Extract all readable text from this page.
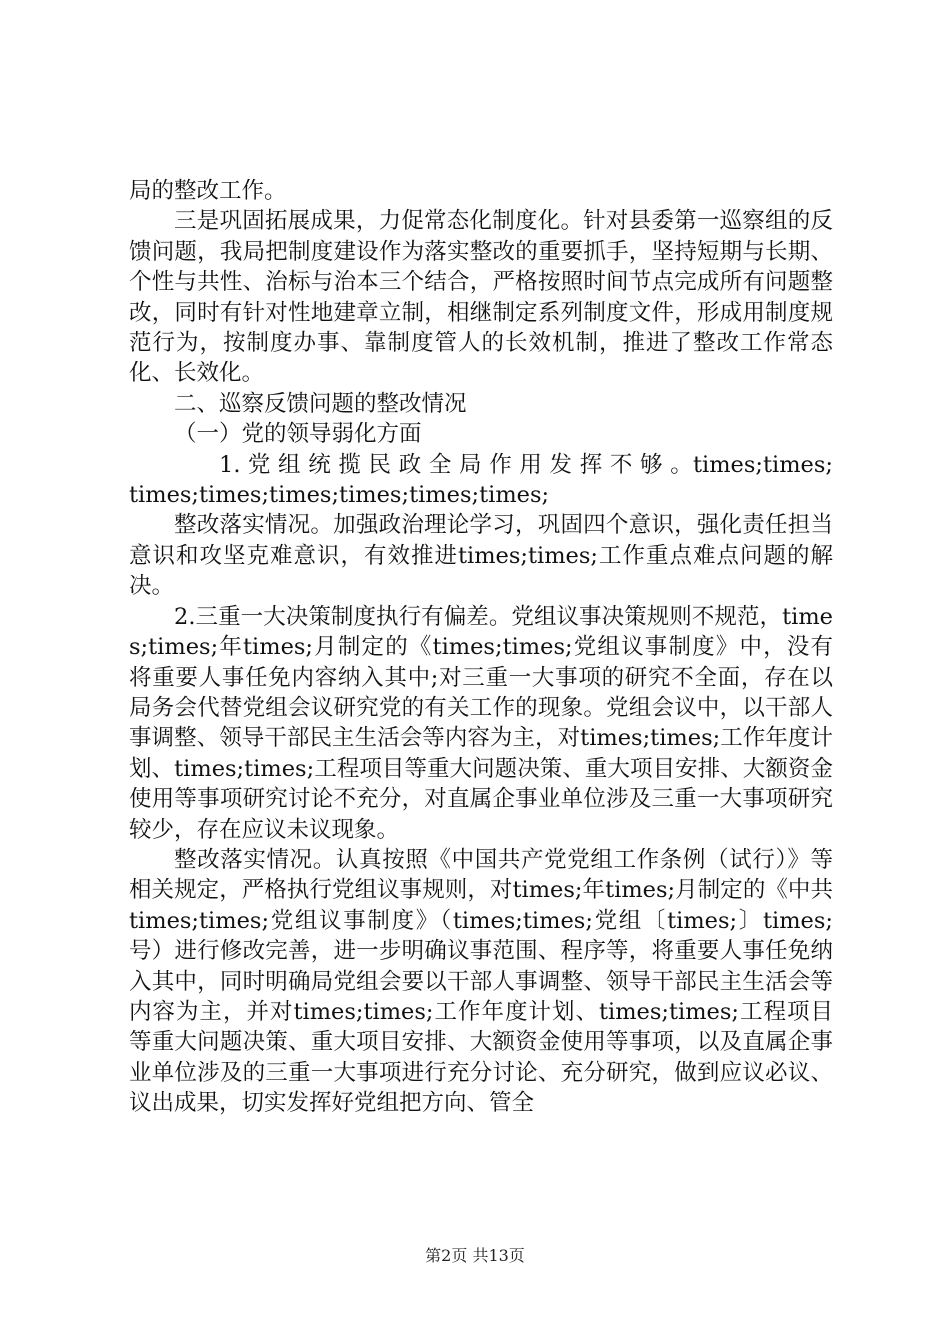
局的整改工作。

三是巩固拓展成果，力促常态化制度化。针对县委第一巡察组的反馈问题，我局把制度建设作为落实整改的重要抓手，坚持短期与长期、个性与共性、治标与治本三个结合，严格按照时间节点完成所有问题整改，同时有针对性地建章立制，相继制定系列制度文件，形成用制度规范行为，按制度办事、靠制度管人的长效机制，推进了整改工作常态化、长效化。

二、巡察反馈问题的整改情况

（一）党的领导弱化方面

1. 党 组 统 揽 民 政 全 局 作 用 发 挥 不 够 。times;times;times;times;times;times;times;times;

整改落实情况。加强政治理论学习，巩固四个意识，强化责任担当意识和攻坚克难意识，有效推进times;times;工作重点难点问题的解决。

2.三重一大决策制度执行有偏差。党组议事决策规则不规范，times;times;年times;月制定的《times;times;党组议事制度》中，没有将重要人事任免内容纳入其中;对三重一大事项的研究不全面，存在以局务会代替党组会议研究党的有关工作的现象。党组会议中，以干部人事调整、领导干部民主生活会等内容为主，对times;times;工作年度计划、times;times;工程项目等重大问题决策、重大项目安排、大额资金使用等事项研究讨论不充分，对直属企事业单位涉及三重一大事项研究较少，存在应议未议现象。

整改落实情况。认真按照《中国共产党党组工作条例（试行）》等相关规定，严格执行党组议事规则，对times;年times;月制定的《中共times;times;党组议事制度》（times;times;党组〔times;〕times;号）进行修改完善，进一步明确议事范围、程序等，将重要人事任免纳入其中，同时明确局党组会要以干部人事调整、领导干部民主生活会等内容为主，并对times;times;工作年度计划、times;times;工程项目等重大问题决策、重大项目安排、大额资金使用等事项，以及直属企事业单位涉及的三重一大事项进行充分讨论、充分研究，做到应议必议、议出成果，切实发挥好党组把方向、管全

第2页 共13页
